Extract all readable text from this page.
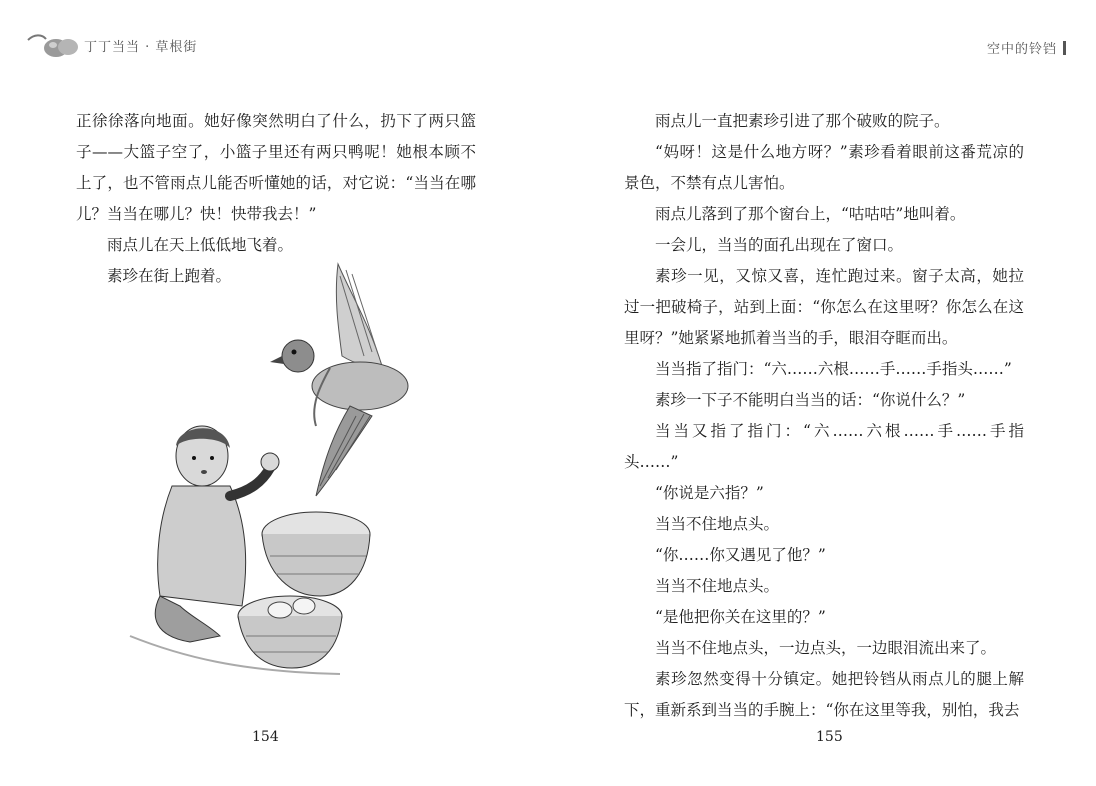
丁丁当当 · 草根街

正徐徐落向地面。她好像突然明白了什么，扔下了两只篮子——大篮子空了，小篮子里还有两只鸭呢！她根本顾不上了，也不管雨点儿能否听懂她的话，对它说：“当当在哪儿？当当在哪儿？快！快带我去！”

雨点儿在天上低低地飞着。

素珍在街上跑着。

154
空中的铃铛

雨点儿一直把素珍引进了那个破败的院子。

“妈呀！这是什么地方呀？”素珍看着眼前这番荒凉的景色，不禁有点儿害怕。

雨点儿落到了那个窗台上，“咕咕咕”地叫着。

一会儿，当当的面孔出现在了窗口。

素珍一见，又惊又喜，连忙跑过来。窗子太高，她拉过一把破椅子，站到上面：“你怎么在这里呀？你怎么在这里呀？”她紧紧地抓着当当的手，眼泪夺眶而出。

当当指了指门：“六……六根……手……手指头……”

素珍一下子不能明白当当的话：“你说什么？”

当当又指了指门：“六……六根……手……手指头……”

“你说是六指？”

当当不住地点头。

“你……你又遇见了他？”

当当不住地点头。

“是他把你关在这里的？”

当当不住地点头，一边点头，一边眼泪流出来了。

素珍忽然变得十分镇定。她把铃铛从雨点儿的腿上解下，重新系到当当的手腕上：“你在这里等我，别怕，我去

155
